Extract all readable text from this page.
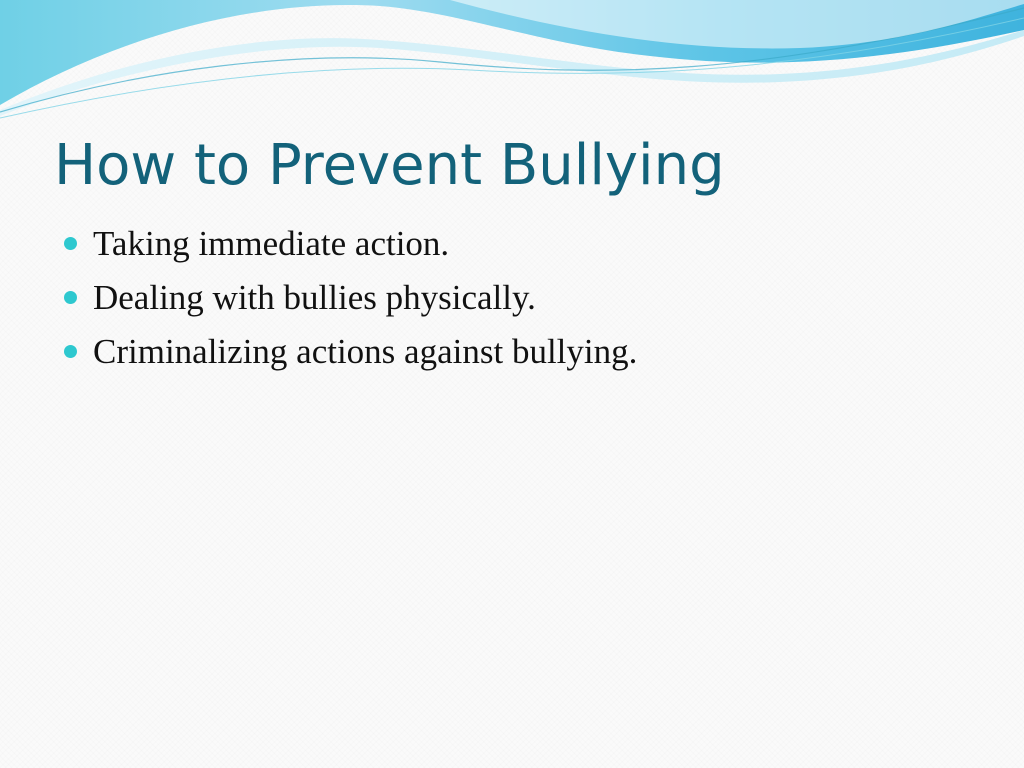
How to Prevent Bullying
Taking immediate action.
Dealing with bullies physically.
Criminalizing actions against bullying.
